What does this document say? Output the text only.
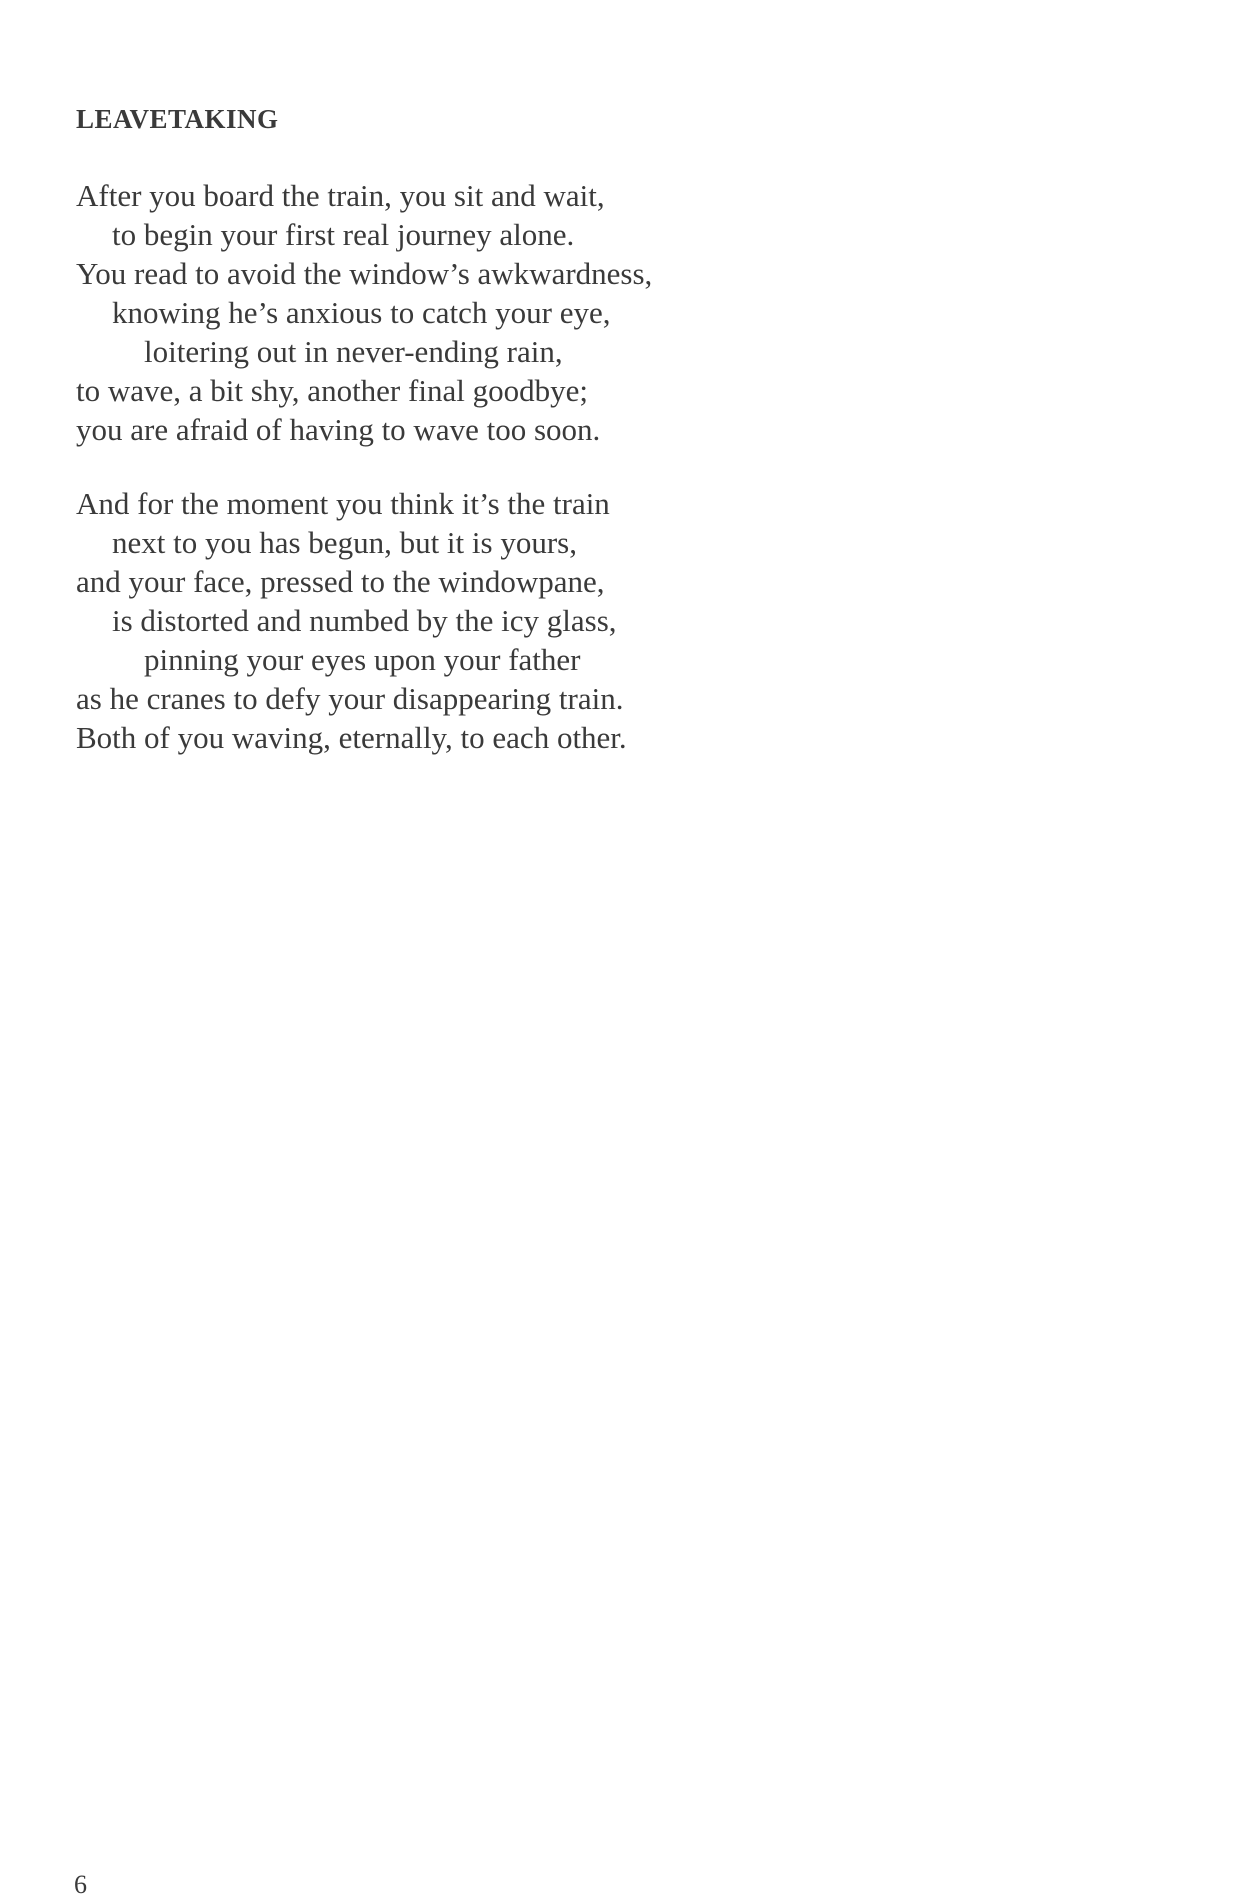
LEAVETAKING
After you board the train, you sit and wait,
to begin your first real journey alone.
You read to avoid the window’s awkwardness,
knowing he’s anxious to catch your eye,
loitering out in never-ending rain,
to wave, a bit shy, another final goodbye;
you are afraid of having to wave too soon.
And for the moment you think it’s the train
next to you has begun, but it is yours,
and your face, pressed to the windowpane,
is distorted and numbed by the icy glass,
pinning your eyes upon your father
as he cranes to defy your disappearing train.
Both of you waving, eternally, to each other.
6
